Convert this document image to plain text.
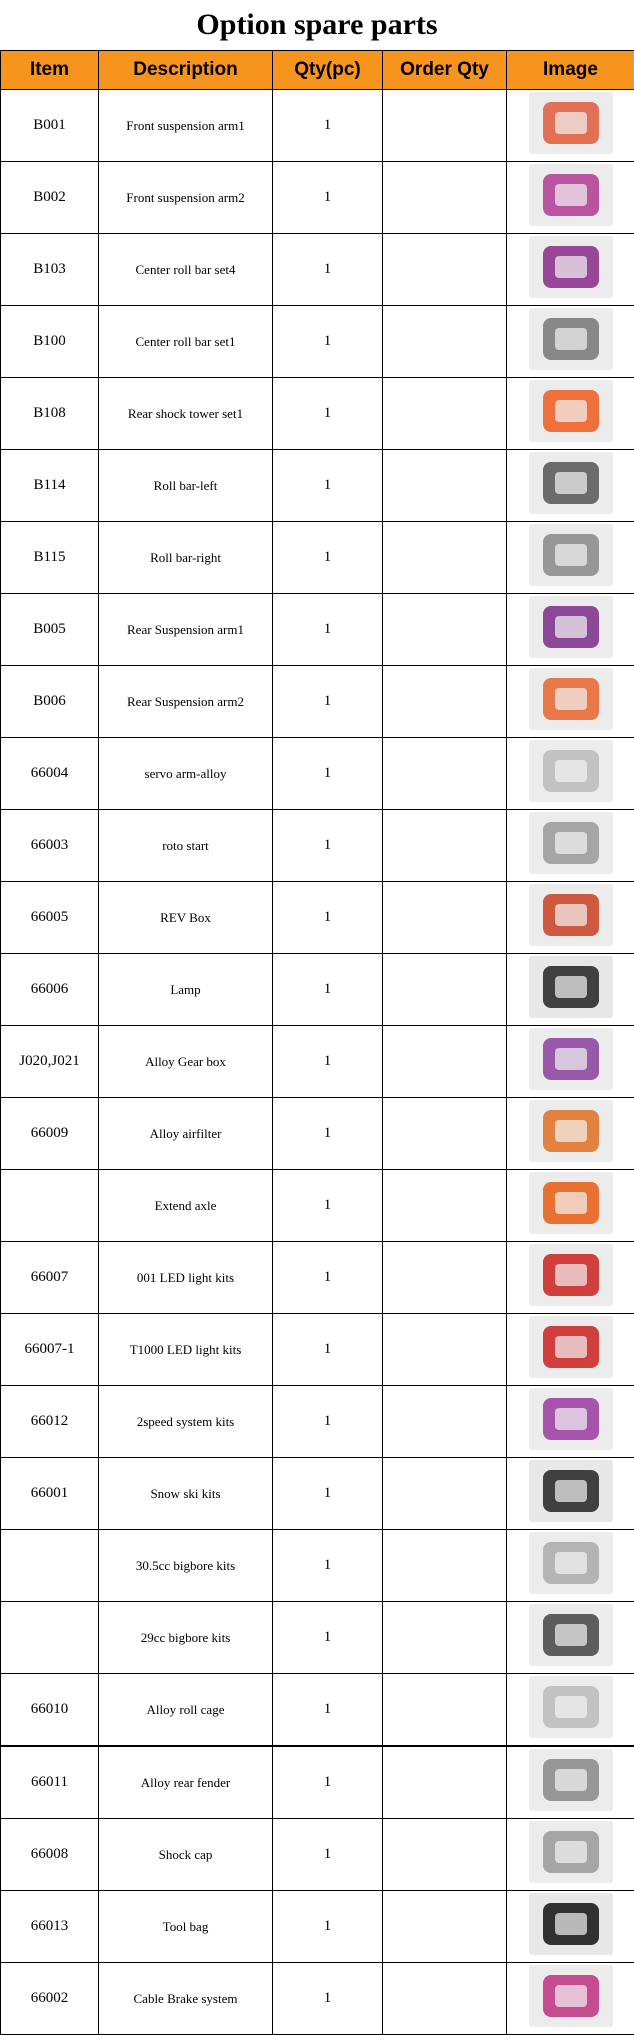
Option spare parts
Item	Description	Qty(pc)	Order Qty	Image
B001	Front suspension arm1	1		

B002	Front suspension arm2	1		

B103	Center roll bar set4	1		

B100	Center roll bar set1	1		

B108	Rear shock tower set1	1		

B114	Roll bar-left	1		

B115	Roll bar-right	1		

B005	Rear Suspension arm1	1		

B006	Rear Suspension arm2	1		

66004	servo arm-alloy	1		

66003	roto start	1		

66005	REV Box	1		

66006	Lamp	1		

J020,J021	Alloy Gear box	1		

66009	Alloy airfilter	1		

	Extend axle	1		

66007	001 LED light kits	1		

66007-1	T1000 LED light kits	1		

66012	2speed system kits	1		

66001	Snow ski kits	1		

	30.5cc bigbore kits	1		

	29cc bigbore kits	1		

66010	Alloy roll cage	1		

66011	Alloy rear fender	1		

66008	Shock cap	1		

66013	Tool bag	1		

66002	Cable Brake system	1		
